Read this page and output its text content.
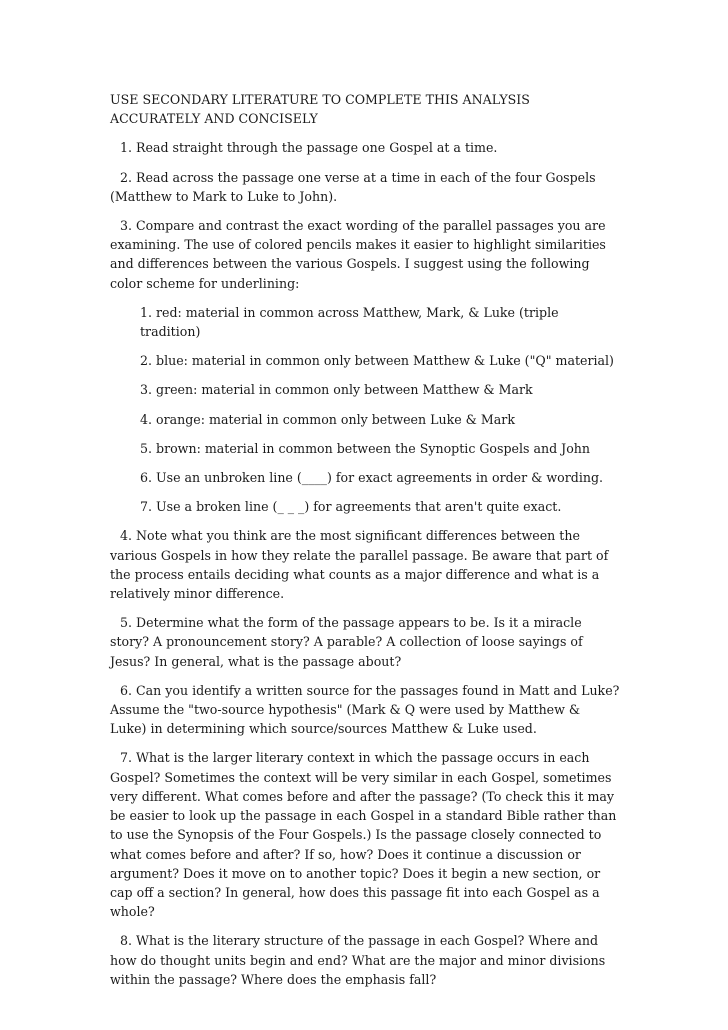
USE SECONDARY LITERATURE TO COMPLETE THIS ANALYSIS ACCURATELY AND CONCISELY

1. Read straight through the passage one Gospel at a time.

2. Read across the passage one verse at a time in each of the four Gospels (Matthew to Mark to Luke to John).

3. Compare and contrast the exact wording of the parallel passages you are examining. The use of colored pencils makes it easier to highlight similarities and differences between the various Gospels. I suggest using the following color scheme for underlining:

1. red: material in common across Matthew, Mark, & Luke (triple tradition)

2. blue: material in common only between Matthew & Luke ("Q" material)

3. green: material in common only between Matthew & Mark

4. orange: material in common only between Luke & Mark

5. brown: material in common between the Synoptic Gospels and John

6. Use an unbroken line (____) for exact agreements in order & wording.

7. Use a broken line (_ _ _) for agreements that aren't quite exact.

4. Note what you think are the most significant differences between the various Gospels in how they relate the parallel passage. Be aware that part of the process entails deciding what counts as a major difference and what is a relatively minor difference.

5. Determine what the form of the passage appears to be. Is it a miracle story? A pronouncement story? A parable? A collection of loose sayings of Jesus? In general, what is the passage about?

6. Can you identify a written source for the passages found in Matt and Luke? Assume the "two-source hypothesis" (Mark & Q were used by Matthew & Luke) in determining which source/sources Matthew & Luke used.

7. What is the larger literary context in which the passage occurs in each Gospel? Sometimes the context will be very similar in each Gospel, sometimes very different. What comes before and after the passage? (To check this it may be easier to look up the passage in each Gospel in a standard Bible rather than to use the Synopsis of the Four Gospels.) Is the passage closely connected to what comes before and after? If so, how? Does it continue a discussion or argument? Does it move on to another topic? Does it begin a new section, or cap off a section? In general, how does this passage fit into each Gospel as a whole?

8. What is the literary structure of the passage in each Gospel? Where and how do thought units begin and end? What are the major and minor divisions within the passage? Where does the emphasis fall?
